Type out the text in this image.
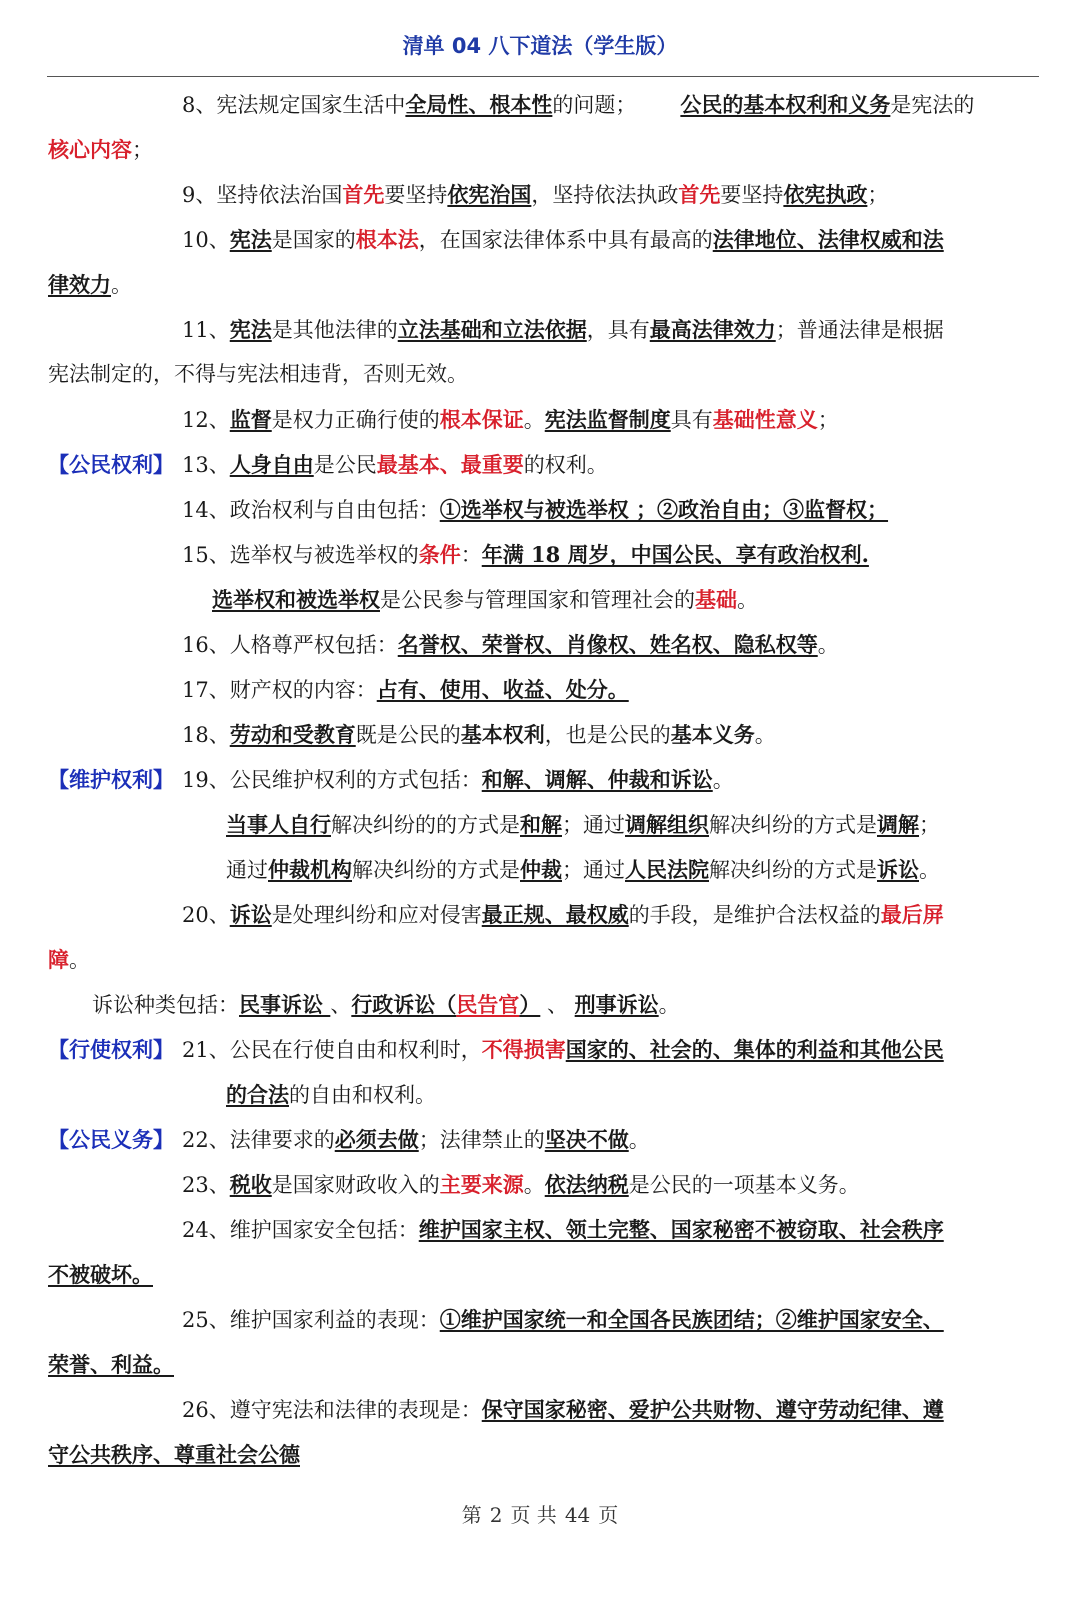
清单 04 八下道法（学生版）
8、宪法规定国家生活中全局性、根本性的问题； 公民的基本权利和义务是宪法的
核心内容；
9、坚持依法治国首先要坚持依宪治国，坚持依法执政首先要坚持依宪执政；
10、宪法是国家的根本法，在国家法律体系中具有最高的法律地位、法律权威和法
律效力。
11、宪法是其他法律的立法基础和立法依据，具有最高法律效力；普通法律是根据
宪法制定的，不得与宪法相违背，否则无效。
12、监督是权力正确行使的根本保证。宪法监督制度具有基础性意义；
【公民权利】 13、人身自由是公民最基本、最重要的权利。
14、政治权利与自由包括：①选举权与被选举权 ；②政治自由；③监督权；
15、选举权与被选举权的条件：年满 18 周岁，中国公民、享有政治权利.
选举权和被选举权是公民参与管理国家和管理社会的基础。
16、人格尊严权包括：名誉权、荣誉权、肖像权、姓名权、隐私权等。
17、财产权的内容：占有、使用、收益、处分。
18、劳动和受教育既是公民的基本权利，也是公民的基本义务。
【维护权利】 19、公民维护权利的方式包括：和解、调解、仲裁和诉讼。
当事人自行解决纠纷的的方式是和解；通过调解组织解决纠纷的方式是调解；
通过仲裁机构解决纠纷的方式是仲裁；通过人民法院解决纠纷的方式是诉讼。
20、诉讼是处理纠纷和应对侵害最正规、最权威的手段，是维护合法权益的最后屏
障。
诉讼种类包括：民事诉讼 、行政诉讼（民告官） 、 刑事诉讼。
【行使权利】 21、公民在行使自由和权利时，不得损害国家的、社会的、集体的利益和其他公民
的合法的自由和权利。
【公民义务】 22、法律要求的必须去做；法律禁止的坚决不做。
23、税收是国家财政收入的主要来源。依法纳税是公民的一项基本义务。
24、维护国家安全包括：维护国家主权、领土完整、国家秘密不被窃取、社会秩序
不被破坏。
25、维护国家利益的表现：①维护国家统一和全国各民族团结；②维护国家安全、
荣誉、利益。
26、遵守宪法和法律的表现是：保守国家秘密、爱护公共财物、遵守劳动纪律、遵
守公共秩序、尊重社会公德
第 2 页 共 44 页
